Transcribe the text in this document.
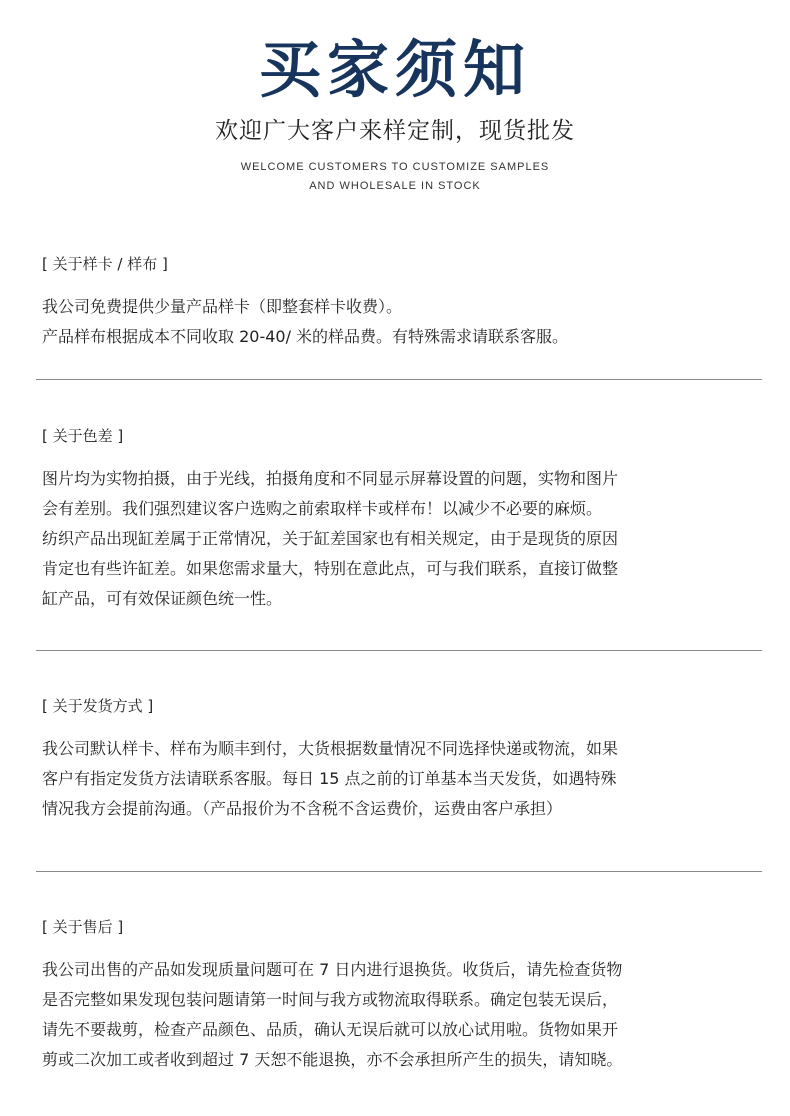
买家须知
欢迎广大客户来样定制，现货批发
WELCOME CUSTOMERS TO CUSTOMIZE SAMPLES
AND WHOLESALE IN STOCK
[ 关于样卡 / 样布 ]

我公司免费提供少量产品样卡（即整套样卡收费）。

产品样布根据成本不同收取 20-40/ 米的样品费。有特殊需求请联系客服。

[ 关于色差 ]

图片均为实物拍摄，由于光线，拍摄角度和不同显示屏幕设置的问题，实物和图片

会有差别。我们强烈建议客户选购之前索取样卡或样布！以减少不必要的麻烦。

纺织产品出现缸差属于正常情况，关于缸差国家也有相关规定，由于是现货的原因

肯定也有些许缸差。如果您需求量大，特别在意此点，可与我们联系，直接订做整

缸产品，可有效保证颜色统一性。

[ 关于发货方式 ]

我公司默认样卡、样布为顺丰到付，大货根据数量情况不同选择快递或物流，如果

客户有指定发货方法请联系客服。每日 15 点之前的订单基本当天发货，如遇特殊

情况我方会提前沟通。（产品报价为不含税不含运费价，运费由客户承担）

[ 关于售后 ]

我公司出售的产品如发现质量问题可在 7 日内进行退换货。收货后，请先检查货物

是否完整如果发现包装问题请第一时间与我方或物流取得联系。确定包装无误后，

请先不要裁剪，检查产品颜色、品质，确认无误后就可以放心试用啦。货物如果开

剪或二次加工或者收到超过 7 天恕不能退换，亦不会承担所产生的损失，请知晓。
